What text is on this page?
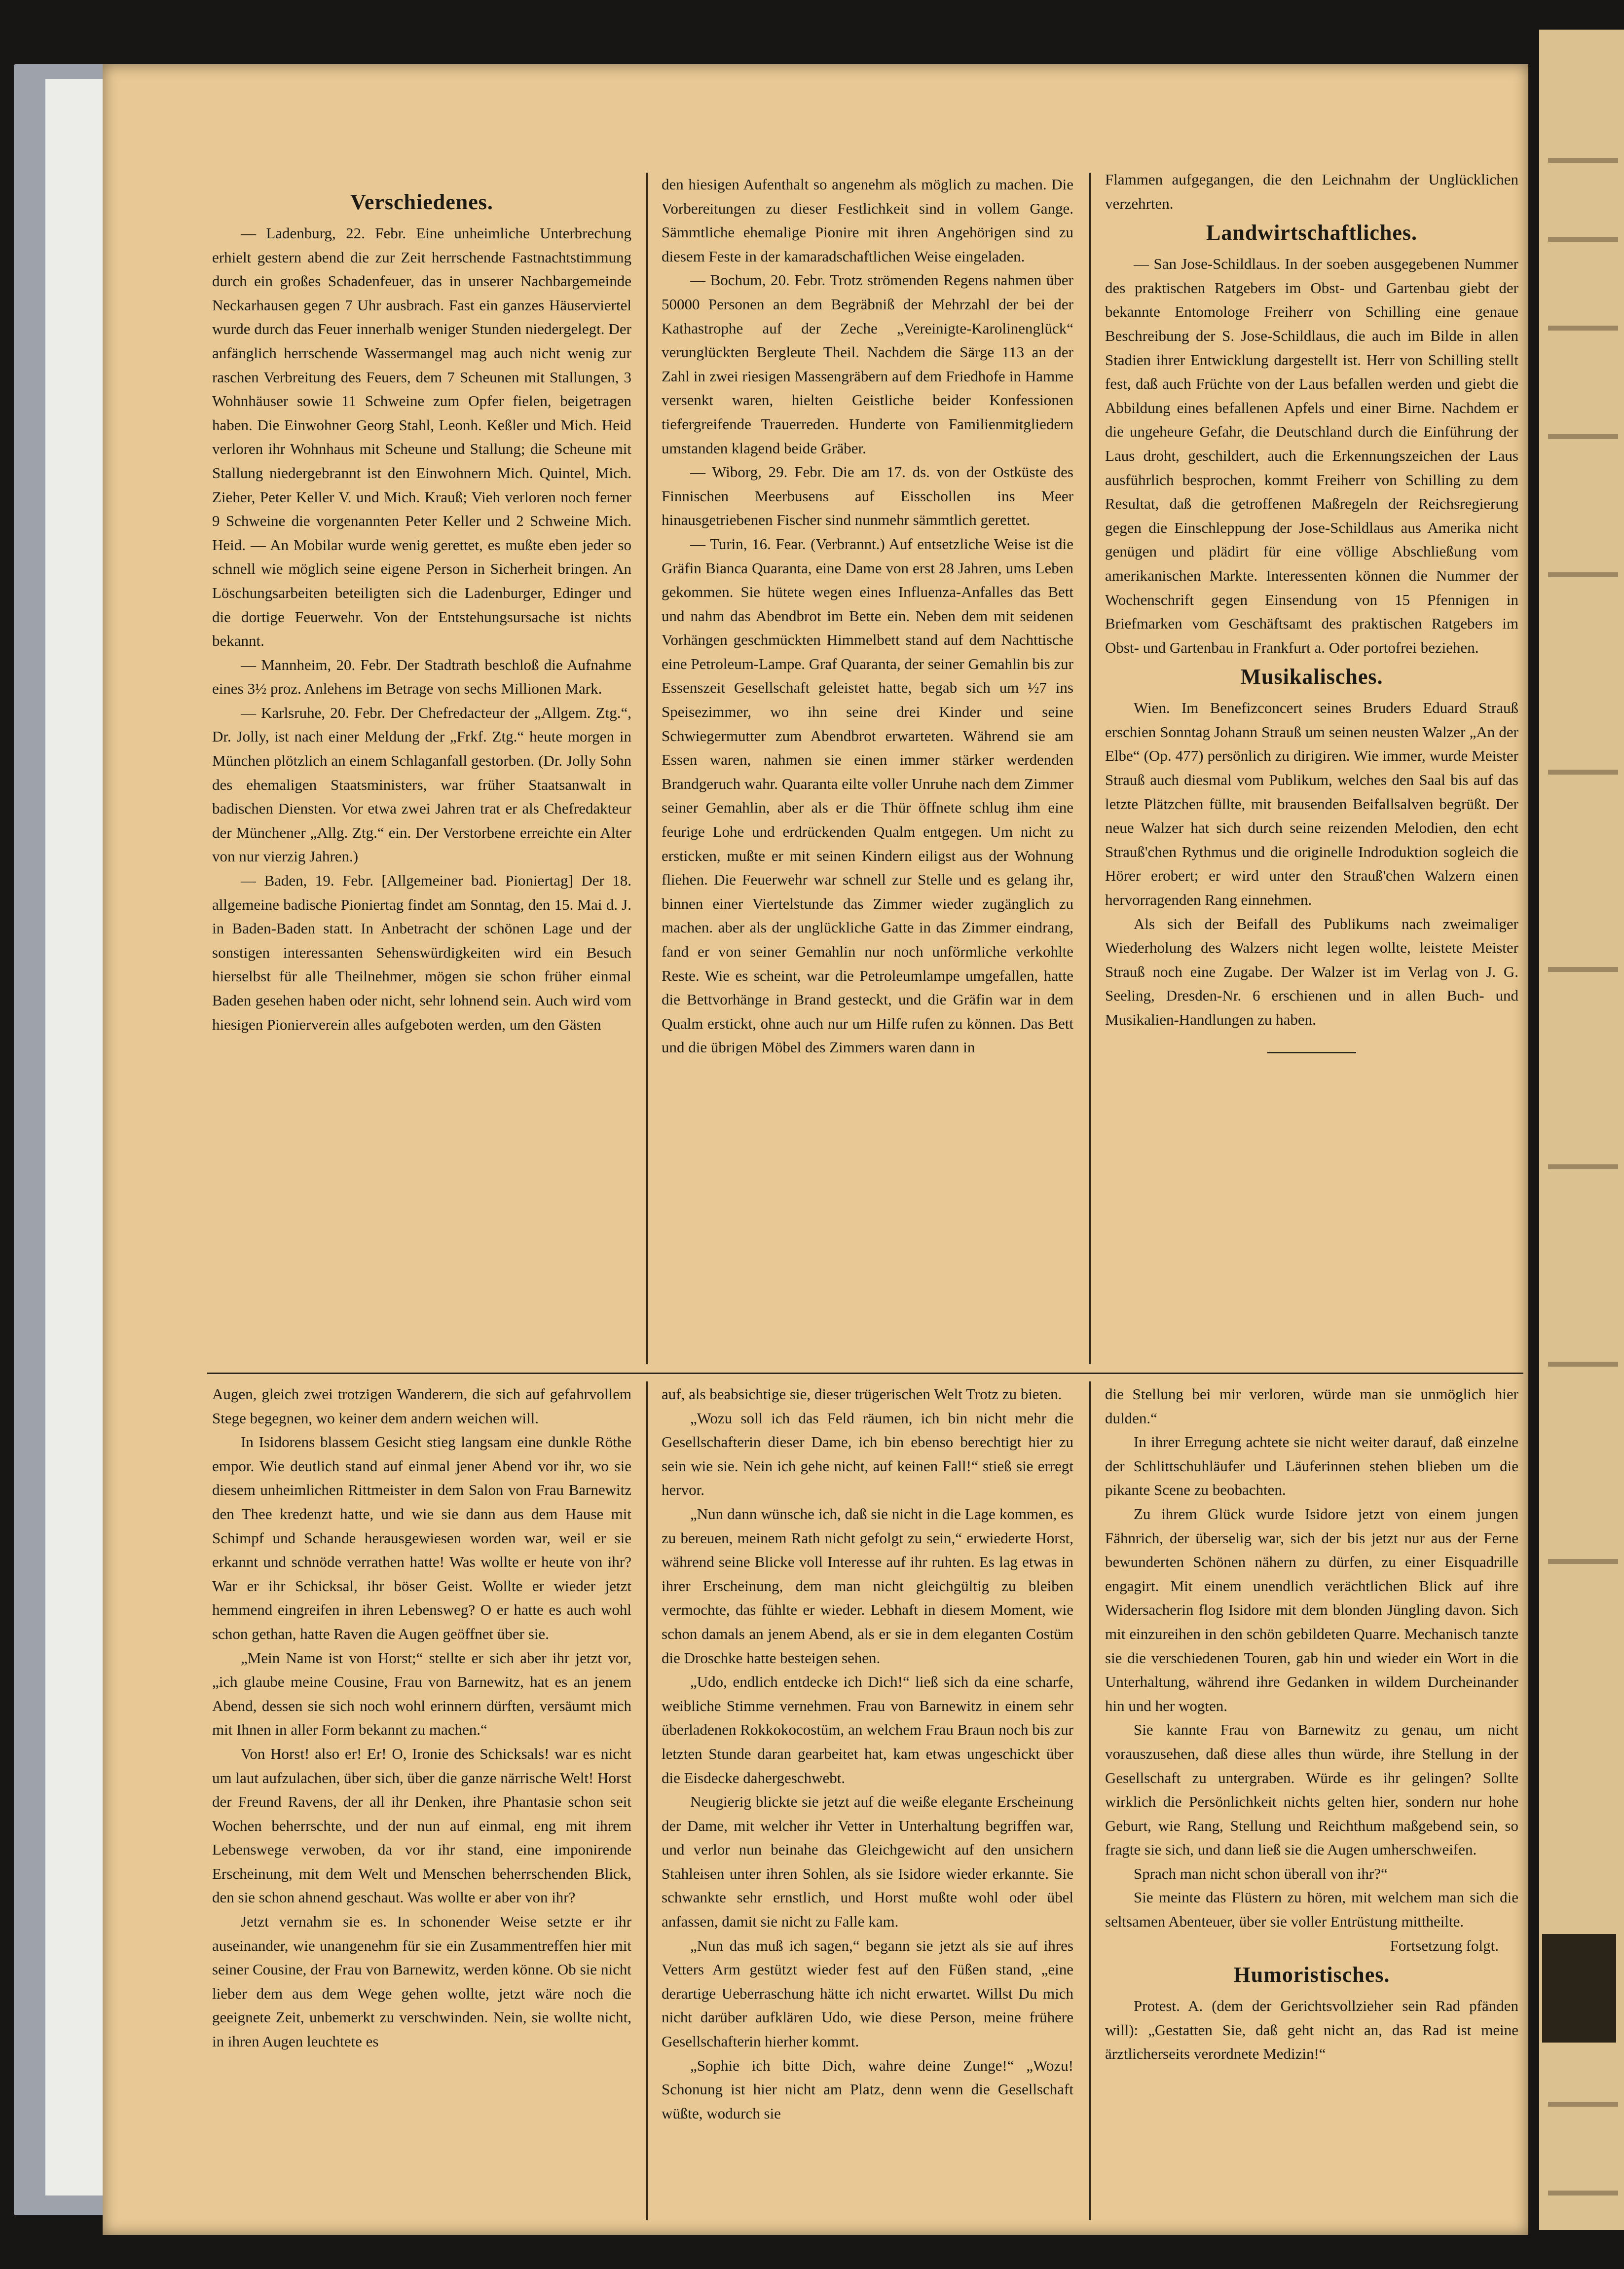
Verschiedenes.

— Ladenburg, 22. Febr. Eine unheimliche Unterbrechung erhielt gestern abend die zur Zeit herrschende Fastnachtstimmung durch ein großes Schadenfeuer, das in unserer Nachbargemeinde Neckarhausen gegen 7 Uhr ausbrach. Fast ein ganzes Häuserviertel wurde durch das Feuer innerhalb weniger Stunden niedergelegt. Der anfänglich herrschende Wassermangel mag auch nicht wenig zur raschen Verbreitung des Feuers, dem 7 Scheunen mit Stallungen, 3 Wohnhäuser sowie 11 Schweine zum Opfer fielen, beigetragen haben. Die Einwohner Georg Stahl, Leonh. Keßler und Mich. Heid verloren ihr Wohnhaus mit Scheune und Stallung; die Scheune mit Stallung niedergebrannt ist den Einwohnern Mich. Quintel, Mich. Zieher, Peter Keller V. und Mich. Krauß; Vieh verloren noch ferner 9 Schweine die vorgenannten Peter Keller und 2 Schweine Mich. Heid. — An Mobilar wurde wenig gerettet, es mußte eben jeder so schnell wie möglich seine eigene Person in Sicherheit bringen. An Löschungsarbeiten beteiligten sich die Ladenburger, Edinger und die dortige Feuerwehr. Von der Entstehungsursache ist nichts bekannt.

— Mannheim, 20. Febr. Der Stadtrath beschloß die Aufnahme eines 3½ proz. Anlehens im Betrage von sechs Millionen Mark.

— Karlsruhe, 20. Febr. Der Chefredacteur der „Allgem. Ztg.“, Dr. Jolly, ist nach einer Meldung der „Frkf. Ztg.“ heute morgen in München plötzlich an einem Schlaganfall gestorben. (Dr. Jolly Sohn des ehemaligen Staatsministers, war früher Staatsanwalt in badischen Diensten. Vor etwa zwei Jahren trat er als Chefredakteur der Münchener „Allg. Ztg.“ ein. Der Verstorbene erreichte ein Alter von nur vierzig Jahren.)

— Baden, 19. Febr. [Allgemeiner bad. Pioniertag] Der 18. allgemeine badische Pioniertag findet am Sonntag, den 15. Mai d. J. in Baden-Baden statt. In Anbetracht der schönen Lage und der sonstigen interessanten Sehenswürdigkeiten wird ein Besuch hierselbst für alle Theilnehmer, mögen sie schon früher einmal Baden gesehen haben oder nicht, sehr lohnend sein. Auch wird vom hiesigen Pionierverein alles aufgeboten werden, um den Gästen

den hiesigen Aufenthalt so angenehm als möglich zu machen. Die Vorbereitungen zu dieser Festlichkeit sind in vollem Gange. Sämmtliche ehemalige Pionire mit ihren Angehörigen sind zu diesem Feste in der kamaradschaftlichen Weise eingeladen.

— Bochum, 20. Febr. Trotz strömenden Regens nahmen über 50000 Personen an dem Begräbniß der Mehrzahl der bei der Kathastrophe auf der Zeche „Vereinigte-Karolinenglück“ verunglückten Bergleute Theil. Nachdem die Särge 113 an der Zahl in zwei riesigen Massengräbern auf dem Friedhofe in Hamme versenkt waren, hielten Geistliche beider Konfessionen tiefergreifende Trauerreden. Hunderte von Familienmitgliedern umstanden klagend beide Gräber.

— Wiborg, 29. Febr. Die am 17. ds. von der Ostküste des Finnischen Meerbusens auf Eisschollen ins Meer hinausgetriebenen Fischer sind nunmehr sämmtlich gerettet.

— Turin, 16. Fear. (Verbrannt.) Auf entsetzliche Weise ist die Gräfin Bianca Quaranta, eine Dame von erst 28 Jahren, ums Leben gekommen. Sie hütete wegen eines Influenza-Anfalles das Bett und nahm das Abendbrot im Bette ein. Neben dem mit seidenen Vorhängen geschmückten Himmelbett stand auf dem Nachttische eine Petroleum-Lampe. Graf Quaranta, der seiner Gemahlin bis zur Essenszeit Gesellschaft geleistet hatte, begab sich um ½7 ins Speisezimmer, wo ihn seine drei Kinder und seine Schwiegermutter zum Abendbrot erwarteten. Während sie am Essen waren, nahmen sie einen immer stärker werdenden Brandgeruch wahr. Quaranta eilte voller Unruhe nach dem Zimmer seiner Gemahlin, aber als er die Thür öffnete schlug ihm eine feurige Lohe und erdrückenden Qualm entgegen. Um nicht zu ersticken, mußte er mit seinen Kindern eiligst aus der Wohnung fliehen. Die Feuerwehr war schnell zur Stelle und es gelang ihr, binnen einer Viertelstunde das Zimmer wieder zugänglich zu machen. aber als der unglückliche Gatte in das Zimmer eindrang, fand er von seiner Gemahlin nur noch unförmliche verkohlte Reste. Wie es scheint, war die Petroleumlampe umgefallen, hatte die Bettvorhänge in Brand gesteckt, und die Gräfin war in dem Qualm erstickt, ohne auch nur um Hilfe rufen zu können. Das Bett und die übrigen Möbel des Zimmers waren dann in

Flammen aufgegangen, die den Leichnahm der Unglücklichen verzehrten.

Landwirtschaftliches.

— San Jose-Schildlaus. In der soeben ausgegebenen Nummer des praktischen Ratgebers im Obst- und Gartenbau giebt der bekannte Entomologe Freiherr von Schilling eine genaue Beschreibung der S. Jose-Schildlaus, die auch im Bilde in allen Stadien ihrer Entwicklung dargestellt ist. Herr von Schilling stellt fest, daß auch Früchte von der Laus befallen werden und giebt die Abbildung eines befallenen Apfels und einer Birne. Nachdem er die ungeheure Gefahr, die Deutschland durch die Einführung der Laus droht, geschildert, auch die Erkennungszeichen der Laus ausführlich besprochen, kommt Freiherr von Schilling zu dem Resultat, daß die getroffenen Maßregeln der Reichsregierung gegen die Einschleppung der Jose-Schildlaus aus Amerika nicht genügen und plädirt für eine völlige Abschließung vom amerikanischen Markte. Interessenten können die Nummer der Wochenschrift gegen Einsendung von 15 Pfennigen in Briefmarken vom Geschäftsamt des praktischen Ratgebers im Obst- und Gartenbau in Frankfurt a. Oder portofrei beziehen.

Musikalisches.

Wien. Im Benefizconcert seines Bruders Eduard Strauß erschien Sonntag Johann Strauß um seinen neusten Walzer „An der Elbe“ (Op. 477) persönlich zu dirigiren. Wie immer, wurde Meister Strauß auch diesmal vom Publikum, welches den Saal bis auf das letzte Plätzchen füllte, mit brausenden Beifallsalven begrüßt. Der neue Walzer hat sich durch seine reizenden Melodien, den echt Strauß'chen Rythmus und die originelle Indroduktion sogleich die Hörer erobert; er wird unter den Strauß'chen Walzern einen hervorragenden Rang einnehmen.

Als sich der Beifall des Publikums nach zweimaliger Wiederholung des Walzers nicht legen wollte, leistete Meister Strauß noch eine Zugabe. Der Walzer ist im Verlag von J. G. Seeling, Dresden-Nr. 6 erschienen und in allen Buch- und Musikalien-Handlungen zu haben.

Augen, gleich zwei trotzigen Wanderern, die sich auf gefahrvollem Stege begegnen, wo keiner dem andern weichen will.

In Isidorens blassem Gesicht stieg langsam eine dunkle Röthe empor. Wie deutlich stand auf einmal jener Abend vor ihr, wo sie diesem unheimlichen Rittmeister in dem Salon von Frau Barnewitz den Thee kredenzt hatte, und wie sie dann aus dem Hause mit Schimpf und Schande herausgewiesen worden war, weil er sie erkannt und schnöde verrathen hatte! Was wollte er heute von ihr? War er ihr Schicksal, ihr böser Geist. Wollte er wieder jetzt hemmend eingreifen in ihren Lebensweg? O er hatte es auch wohl schon gethan, hatte Raven die Augen geöffnet über sie.

„Mein Name ist von Horst;“ stellte er sich aber ihr jetzt vor, „ich glaube meine Cousine, Frau von Barnewitz, hat es an jenem Abend, dessen sie sich noch wohl erinnern dürften, versäumt mich mit Ihnen in aller Form bekannt zu machen.“

Von Horst! also er! Er! O, Ironie des Schicksals! war es nicht um laut aufzulachen, über sich, über die ganze närrische Welt! Horst der Freund Ravens, der all ihr Denken, ihre Phantasie schon seit Wochen beherrschte, und der nun auf einmal, eng mit ihrem Lebenswege verwoben, da vor ihr stand, eine imponirende Erscheinung, mit dem Welt und Menschen beherrschenden Blick, den sie schon ahnend geschaut. Was wollte er aber von ihr?

Jetzt vernahm sie es. In schonender Weise setzte er ihr auseinander, wie unangenehm für sie ein Zusammentreffen hier mit seiner Cousine, der Frau von Barnewitz, werden könne. Ob sie nicht lieber dem aus dem Wege gehen wollte, jetzt wäre noch die geeignete Zeit, unbemerkt zu verschwinden. Nein, sie wollte nicht, in ihren Augen leuchtete es

auf, als beabsichtige sie, dieser trügerischen Welt Trotz zu bieten.

„Wozu soll ich das Feld räumen, ich bin nicht mehr die Gesellschafterin dieser Dame, ich bin ebenso berechtigt hier zu sein wie sie. Nein ich gehe nicht, auf keinen Fall!“ stieß sie erregt hervor.

„Nun dann wünsche ich, daß sie nicht in die Lage kommen, es zu bereuen, meinem Rath nicht gefolgt zu sein,“ erwiederte Horst, während seine Blicke voll Interesse auf ihr ruhten. Es lag etwas in ihrer Erscheinung, dem man nicht gleichgültig zu bleiben vermochte, das fühlte er wieder. Lebhaft in diesem Moment, wie schon damals an jenem Abend, als er sie in dem eleganten Costüm die Droschke hatte besteigen sehen.

„Udo, endlich entdecke ich Dich!“ ließ sich da eine scharfe, weibliche Stimme vernehmen. Frau von Barnewitz in einem sehr überladenen Rokkokocostüm, an welchem Frau Braun noch bis zur letzten Stunde daran gearbeitet hat, kam etwas ungeschickt über die Eisdecke dahergeschwebt.

Neugierig blickte sie jetzt auf die weiße elegante Erscheinung der Dame, mit welcher ihr Vetter in Unterhaltung begriffen war, und verlor nun beinahe das Gleichgewicht auf den unsichern Stahleisen unter ihren Sohlen, als sie Isidore wieder erkannte. Sie schwankte sehr ernstlich, und Horst mußte wohl oder übel anfassen, damit sie nicht zu Falle kam.

„Nun das muß ich sagen,“ begann sie jetzt als sie auf ihres Vetters Arm gestützt wieder fest auf den Füßen stand, „eine derartige Ueberraschung hätte ich nicht erwartet. Willst Du mich nicht darüber aufklären Udo, wie diese Person, meine frühere Gesellschafterin hierher kommt.

„Sophie ich bitte Dich, wahre deine Zunge!“ „Wozu! Schonung ist hier nicht am Platz, denn wenn die Gesellschaft wüßte, wodurch sie

die Stellung bei mir verloren, würde man sie unmöglich hier dulden.“

In ihrer Erregung achtete sie nicht weiter darauf, daß einzelne der Schlittschuhläufer und Läuferinnen stehen blieben um die pikante Scene zu beobachten.

Zu ihrem Glück wurde Isidore jetzt von einem jungen Fähnrich, der überselig war, sich der bis jetzt nur aus der Ferne bewunderten Schönen nähern zu dürfen, zu einer Eisquadrille engagirt. Mit einem unendlich verächtlichen Blick auf ihre Widersacherin flog Isidore mit dem blonden Jüngling davon. Sich mit einzureihen in den schön gebildeten Quarre. Mechanisch tanzte sie die verschiedenen Touren, gab hin und wieder ein Wort in die Unterhaltung, während ihre Gedanken in wildem Durcheinander hin und her wogten.

Sie kannte Frau von Barnewitz zu genau, um nicht vorauszusehen, daß diese alles thun würde, ihre Stellung in der Gesellschaft zu untergraben. Würde es ihr gelingen? Sollte wirklich die Persönlichkeit nichts gelten hier, sondern nur hohe Geburt, wie Rang, Stellung und Reichthum maßgebend sein, so fragte sie sich, und dann ließ sie die Augen umherschweifen.

Sprach man nicht schon überall von ihr?“

Sie meinte das Flüstern zu hören, mit welchem man sich die seltsamen Abenteuer, über sie voller Entrüstung mittheilte.

Fortsetzung folgt.

Humoristisches.

Protest. A. (dem der Gerichtsvollzieher sein Rad pfänden will): „Gestatten Sie, daß geht nicht an, das Rad ist meine ärztlicherseits verordnete Medizin!“
